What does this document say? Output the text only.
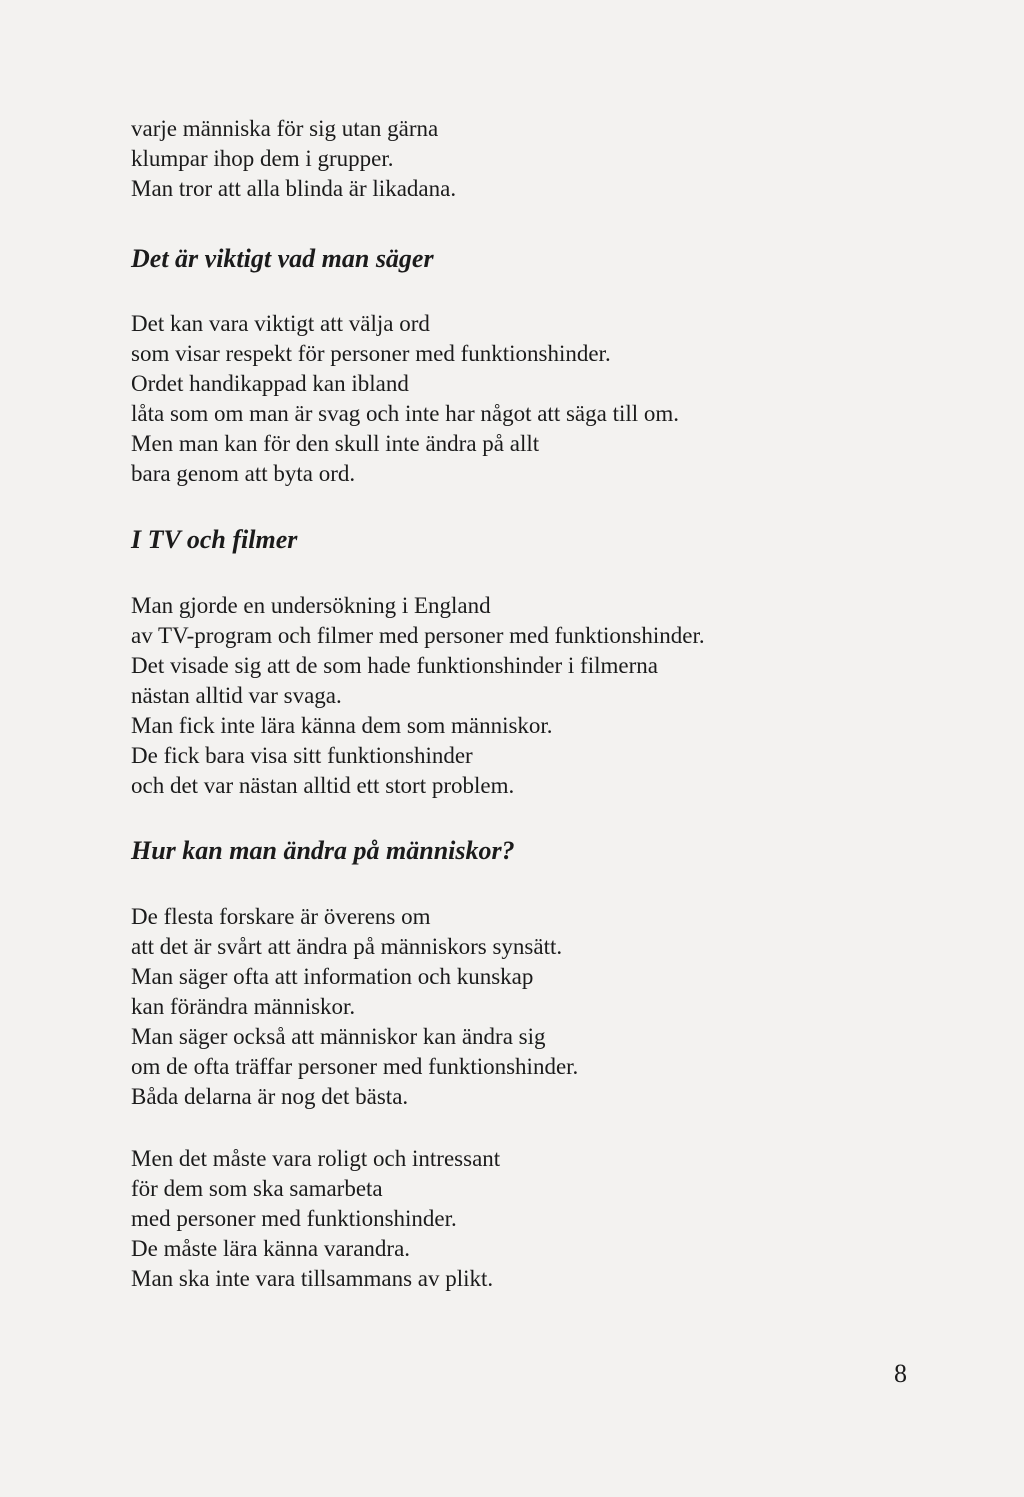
varje människa för sig utan gärna
klumpar ihop dem i grupper.
Man tror att alla blinda är likadana.

Det är viktigt vad man säger

Det kan vara viktigt att välja ord
som visar respekt för personer med funktionshinder.
Ordet handikappad kan ibland
låta som om man är svag och inte har något att säga till om.
Men man kan för den skull inte ändra på allt
bara genom att byta ord.

I TV och filmer

Man gjorde en undersökning i England
av TV-program och filmer med personer med funktionshinder.
Det visade sig att de som hade funktionshinder i filmerna
nästan alltid var svaga.
Man fick inte lära känna dem som människor.
De fick bara visa sitt funktionshinder
och det var nästan alltid ett stort problem.

Hur kan man ändra på människor?

De flesta forskare är överens om
att det är svårt att ändra på människors synsätt.
Man säger ofta att information och kunskap
kan förändra människor.
Man säger också att människor kan ändra sig
om de ofta träffar personer med funktionshinder.
Båda delarna är nog det bästa.

Men det måste vara roligt och intressant
för dem som ska samarbeta
med personer med funktionshinder.
De måste lära känna varandra.
Man ska inte vara tillsammans av plikt.

8
